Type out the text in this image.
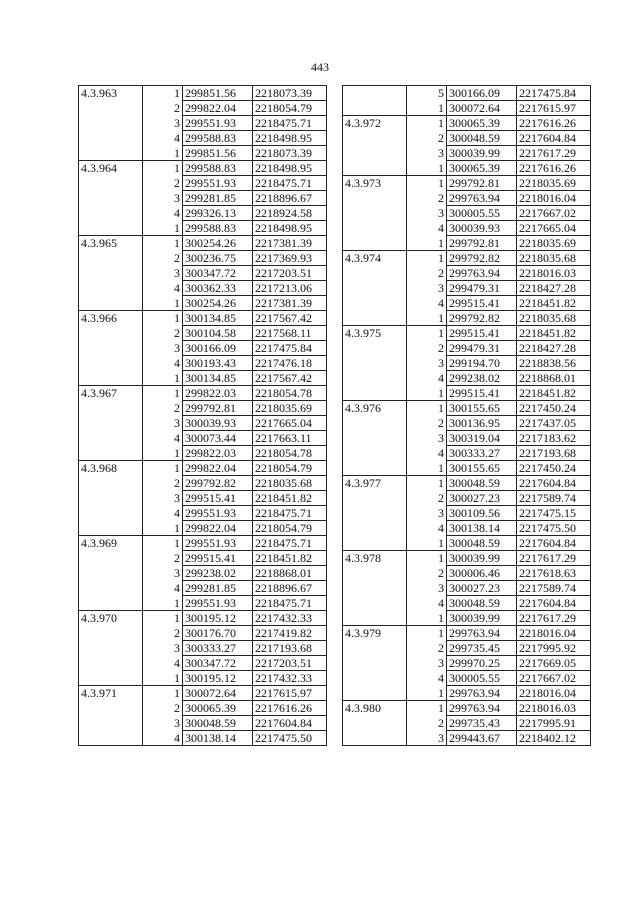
443
4.3.963	1	299851.56	2218073.39
	2	299822.04	2218054.79
	3	299551.93	2218475.71
	4	299588.83	2218498.95
	1	299851.56	2218073.39
4.3.964	1	299588.83	2218498.95
	2	299551.93	2218475.71
	3	299281.85	2218896.67
	4	299326.13	2218924.58
	1	299588.83	2218498.95
4.3.965	1	300254.26	2217381.39
	2	300236.75	2217369.93
	3	300347.72	2217203.51
	4	300362.33	2217213.06
	1	300254.26	2217381.39
4.3.966	1	300134.85	2217567.42
	2	300104.58	2217568.11
	3	300166.09	2217475.84
	4	300193.43	2217476.18
	1	300134.85	2217567.42
4.3.967	1	299822.03	2218054.78
	2	299792.81	2218035.69
	3	300039.93	2217665.04
	4	300073.44	2217663.11
	1	299822.03	2218054.78
4.3.968	1	299822.04	2218054.79
	2	299792.82	2218035.68
	3	299515.41	2218451.82
	4	299551.93	2218475.71
	1	299822.04	2218054.79
4.3.969	1	299551.93	2218475.71
	2	299515.41	2218451.82
	3	299238.02	2218868.01
	4	299281.85	2218896.67
	1	299551.93	2218475.71
4.3.970	1	300195.12	2217432.33
	2	300176.70	2217419.82
	3	300333.27	2217193.68
	4	300347.72	2217203.51
	1	300195.12	2217432.33
4.3.971	1	300072.64	2217615.97
	2	300065.39	2217616.26
	3	300048.59	2217604.84
	4	300138.14	2217475.50
	5	300166.09	2217475.84
	1	300072.64	2217615.97
4.3.972	1	300065.39	2217616.26
	2	300048.59	2217604.84
	3	300039.99	2217617.29
	1	300065.39	2217616.26
4.3.973	1	299792.81	2218035.69
	2	299763.94	2218016.04
	3	300005.55	2217667.02
	4	300039.93	2217665.04
	1	299792.81	2218035.69
4.3.974	1	299792.82	2218035.68
	2	299763.94	2218016.03
	3	299479.31	2218427.28
	4	299515.41	2218451.82
	1	299792.82	2218035.68
4.3.975	1	299515.41	2218451.82
	2	299479.31	2218427.28
	3	299194.70	2218838.56
	4	299238.02	2218868.01
	1	299515.41	2218451.82
4.3.976	1	300155.65	2217450.24
	2	300136.95	2217437.05
	3	300319.04	2217183.62
	4	300333.27	2217193.68
	1	300155.65	2217450.24
4.3.977	1	300048.59	2217604.84
	2	300027.23	2217589.74
	3	300109.56	2217475.15
	4	300138.14	2217475.50
	1	300048.59	2217604.84
4.3.978	1	300039.99	2217617.29
	2	300006.46	2217618.63
	3	300027.23	2217589.74
	4	300048.59	2217604.84
	1	300039.99	2217617.29
4.3.979	1	299763.94	2218016.04
	2	299735.45	2217995.92
	3	299970.25	2217669.05
	4	300005.55	2217667.02
	1	299763.94	2218016.04
4.3.980	1	299763.94	2218016.03
	2	299735.43	2217995.91
	3	299443.67	2218402.12
